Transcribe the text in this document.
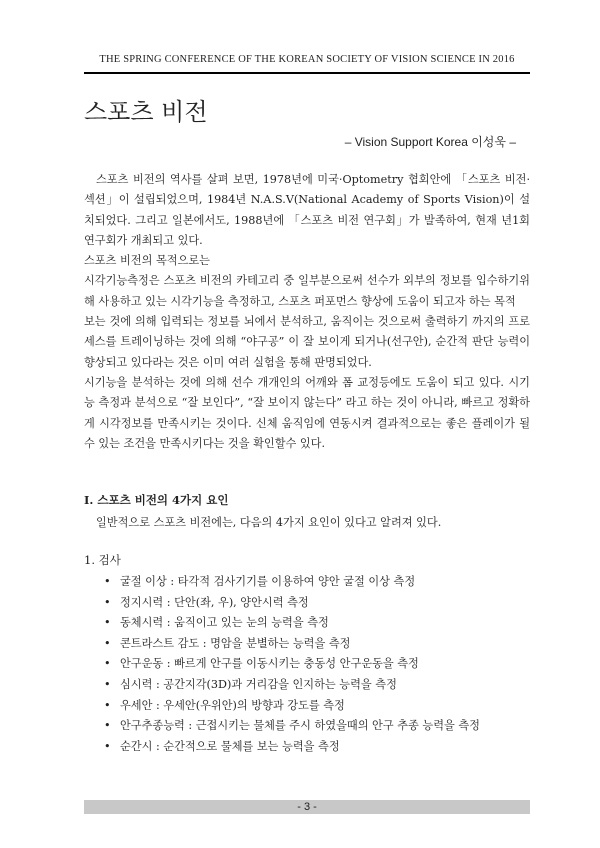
THE SPRING CONFERENCE OF THE KOREAN SOCIETY OF VISION SCIENCE IN 2016
스포츠 비전
– Vision Support Korea 이성욱 –

스포츠 비전의 역사를 살펴 보면, 1978년에 미국·Optometry 협회안에 「스포츠 비전·섹션」이 설립되었으며, 1984년 N.A.S.V(National Academy of Sports Vision)이 설치되었다. 그리고 일본에서도, 1988년에 「스포츠 비전 연구회」가 발족하여, 현재 년1회 연구회가 개최되고 있다.

스포츠 비전의 목적으로는

시각기능측정은 스포츠 비전의 카테고리 중 일부분으로써 선수가 외부의 정보를 입수하기위해 사용하고 있는 시각기능을 측정하고, 스포츠 퍼포먼스 향상에 도움이 되고자 하는 목적

보는 것에 의해 입력되는 정보를 뇌에서 분석하고, 움직이는 것으로써 출력하기 까지의 프로세스를 트레이닝하는 것에 의해 “야구공” 이 잘 보이게 되거나(선구안), 순간적 판단 능력이 향상되고 있다라는 것은 이미 여러 실험을 통해 판명되었다.

시기능을 분석하는 것에 의해 선수 개개인의 어깨와 폼 교정등에도 도움이 되고 있다. 시기능 측정과 분석으로 “잘 보인다”, “잘 보이지 않는다” 라고 하는 것이 아니라, 빠르고 정확하게 시각정보를 만족시키는 것이다. 신체 움직임에 연동시켜 결과적으로는 좋은 플레이가 될수 있는 조건을 만족시키다는 것을 확인할수 있다.

I. 스포츠 비전의 4가지 요인
일반적으로 스포츠 비전에는, 다음의 4가지 요인이 있다고 알려져 있다.
1. 검사
• 굴절 이상 : 타각적 검사기기를 이용하여 양안 굴절 이상 측정
• 정지시력 : 단안(좌, 우), 양안시력 측정
• 동체시력 : 움직이고 있는 눈의 능력을 측정
• 콘트라스트 감도 : 명암을 분별하는 능력을 측정
• 안구운동 : 빠르게 안구를 이동시키는 충동성 안구운동을 측정
• 심시력 : 공간지각(3D)과 거리감을 인지하는 능력을 측정
• 우세안 : 우세안(우위안)의 방향과 강도를 측정
• 안구추종능력 : 근접시키는 물체를 주시 하였을때의 안구 추종 능력을 측정
• 순간시 : 순간적으로 물체를 보는 능력을 측정
- 3 -
